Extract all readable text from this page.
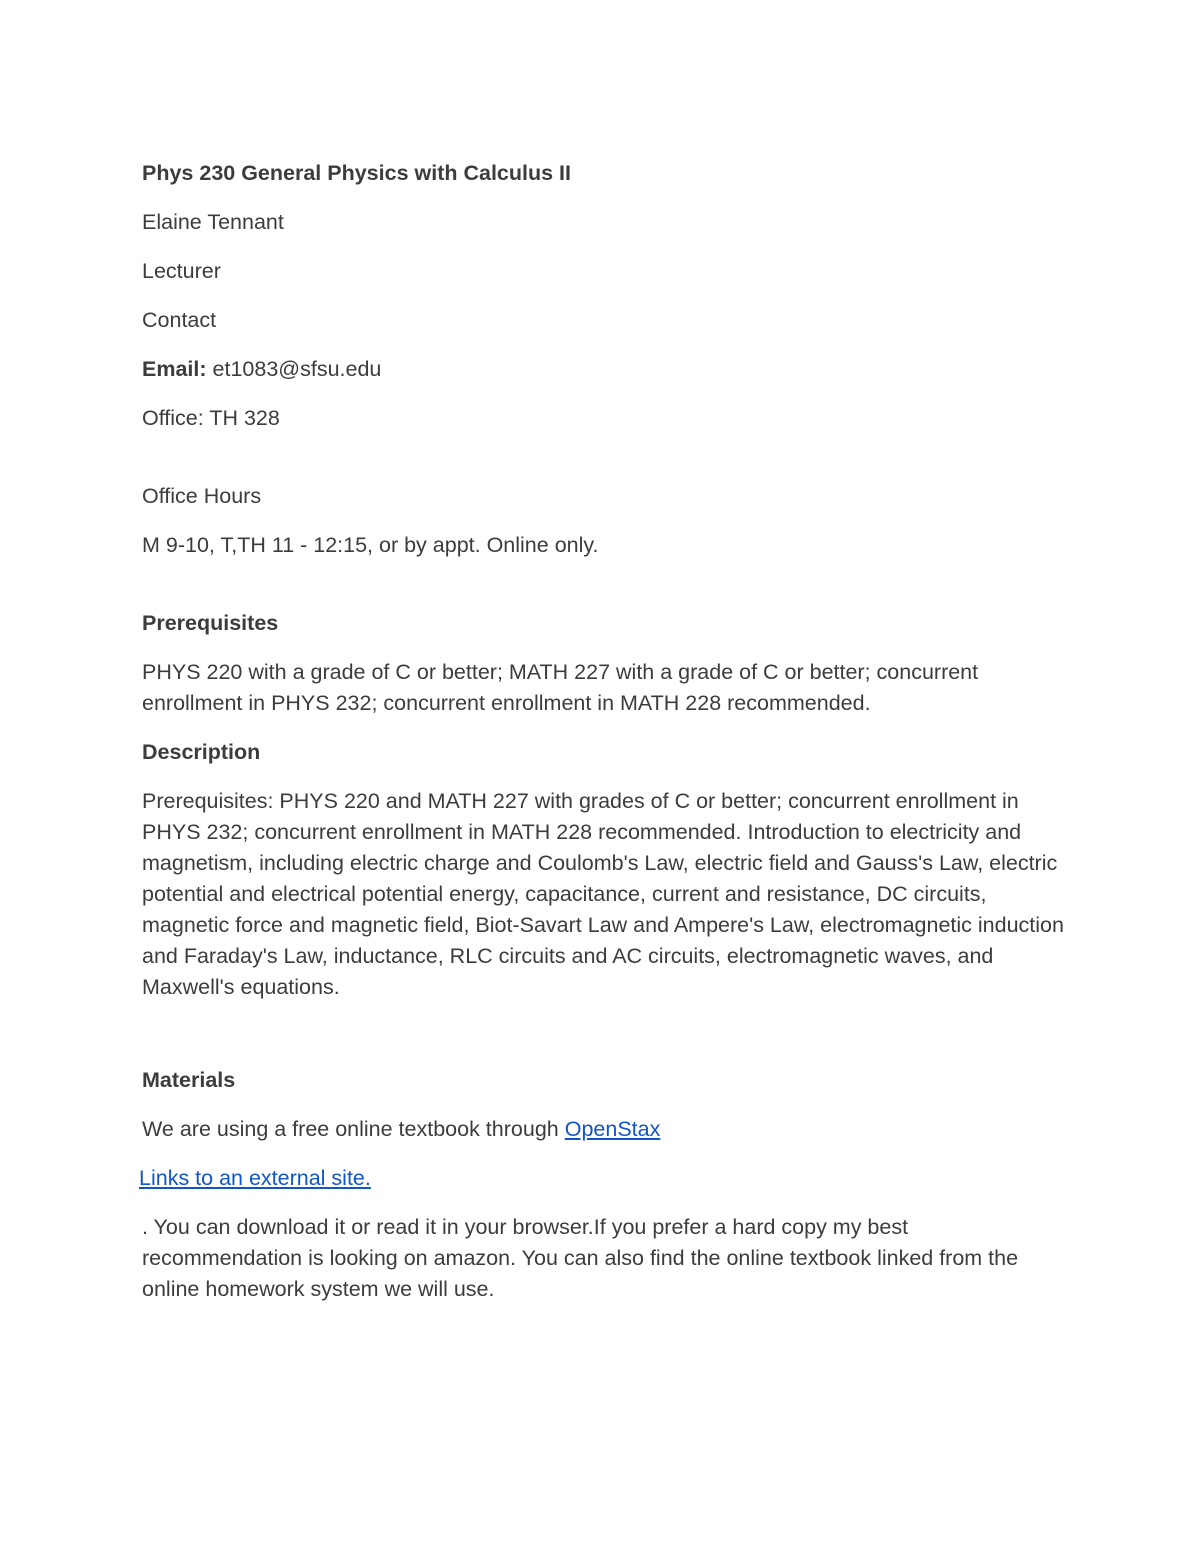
Phys 230 General Physics with Calculus II

Elaine Tennant

Lecturer

Contact

Email: et1083@sfsu.edu

Office: TH 328

Office Hours

M 9-10, T,TH 11 - 12:15, or by appt. Online only.

Prerequisites

PHYS 220 with a grade of C or better; MATH 227 with a grade of C or better; concurrent enrollment in PHYS 232; concurrent enrollment in MATH 228 recommended.

Description

Prerequisites: PHYS 220 and MATH 227 with grades of C or better; concurrent enrollment in PHYS 232; concurrent enrollment in MATH 228 recommended. Introduction to electricity and magnetism, including electric charge and Coulomb's Law, electric field and Gauss's Law, electric potential and electrical potential energy, capacitance, current and resistance, DC circuits, magnetic force and magnetic field, Biot-Savart Law and Ampere's Law, electromagnetic induction and Faraday's Law, inductance, RLC circuits and AC circuits, electromagnetic waves, and Maxwell's equations.

Materials

We are using a free online textbook through OpenStax

Links to an external site.

. You can download it or read it in your browser.If you prefer a hard copy my best recommendation is looking on amazon. You can also find the online textbook linked from the online homework system we will use.
